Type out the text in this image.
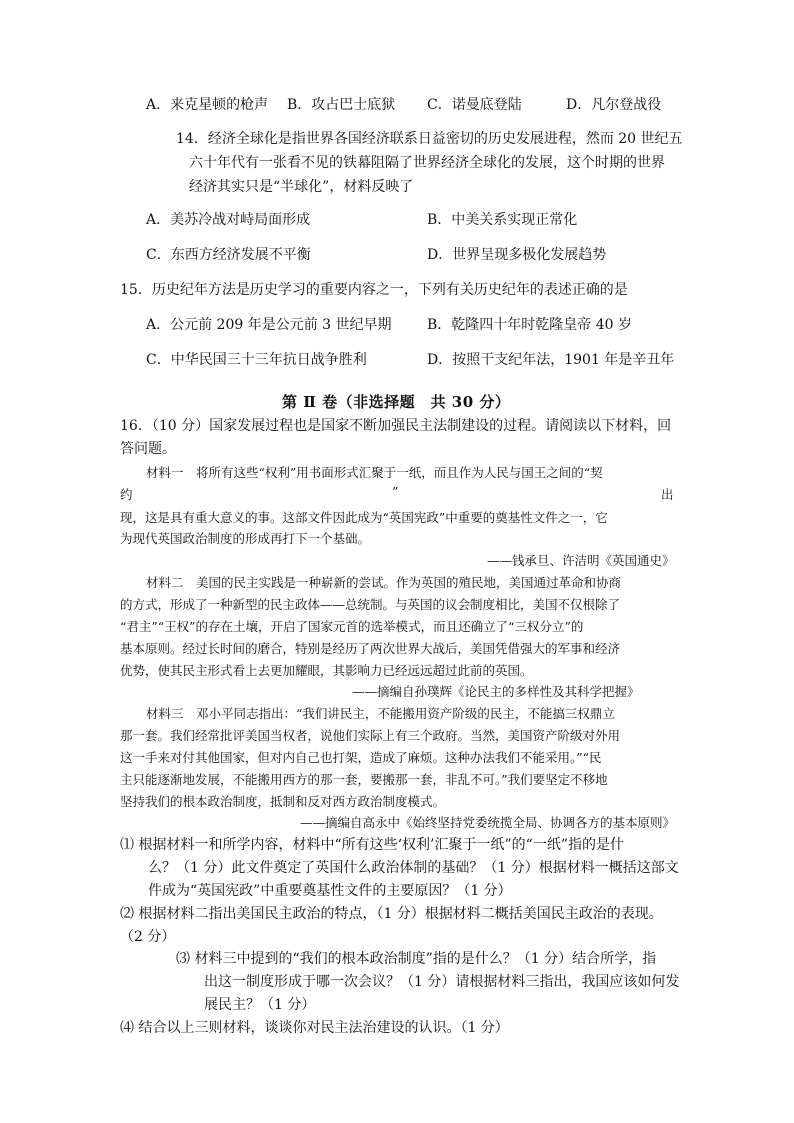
A．来克星顿的枪声 B．攻占巴士底狱 C．诺曼底登陆	D．凡尔登战役
14．经济全球化是指世界各国经济联系日益密切的历史发展进程，然而 20 世纪五
六十年代有一张看不见的铁幕阻隔了世界经济全球化的发展，这个时期的世界
经济其实只是“半球化”，材料反映了
A．美苏冷战对峙局面形成	B．中美关系实现正常化
C．东西方经济发展不平衡	D．世界呈现多极化发展趋势
15．历史纪年方法是历史学习的重要内容之一，下列有关历史纪年的表述正确的是
A．公元前 209 年是公元前 3 世纪早期	B．乾隆四十年时乾隆皇帝 40 岁
C．中华民国三十三年抗日战争胜利	D．按照干支纪年法，1901 年是辛丑年
第 Ⅱ 卷（非选择题　共 30 分）
16．（10 分）国家发展过程也是国家不断加强民主法制建设的过程。请阅读以下材料，回
答问题。
材料一　将所有这些“权利”用书面形式汇聚于一纸，而且作为人民与国王之间的“契
约	”	出
现，这是具有重大意义的事。这部文件因此成为“英国宪政”中重要的奠基性文件之一，它
为现代英国政治制度的形成再打下一个基础。
——钱承旦、许洁明《英国通史》
材料二　美国的民主实践是一种崭新的尝试。作为英国的殖民地，美国通过革命和协商
的方式，形成了一种新型的民主政体——总统制。与英国的议会制度相比，美国不仅根除了
“君主”“王权”的存在土壤，开启了国家元首的选举模式，而且还确立了“三权分立”的
基本原则。经过长时间的磨合，特别是经历了两次世界大战后，美国凭借强大的军事和经济
优势，使其民主形式看上去更加耀眼，其影响力已经远远超过此前的英国。
——摘编自孙璞辉《论民主的多样性及其科学把握》
材料三　邓小平同志指出：“我们讲民主，不能搬用资产阶级的民主，不能搞三权鼎立
那一套。我们经常批评美国当权者，说他们实际上有三个政府。当然，美国资产阶级对外用
这一手来对付其他国家，但对内自己也打架，造成了麻烦。这种办法我们不能采用。”“民
主只能逐渐地发展，不能搬用西方的那一套，要搬那一套，非乱不可。”我们要坚定不移地
坚持我们的根本政治制度，抵制和反对西方政治制度模式。
——摘编自高永中《始终坚持党委统揽全局、协调各方的基本原则》
⑴ 根据材料一和所学内容，材料中“所有这些‘权利’汇聚于一纸”的“一纸”指的是什
么？（1 分）此文件奠定了英国什么政治体制的基础？（1 分）根据材料一概括这部文
件成为“英国宪政”中重要奠基性文件的主要原因？（1 分）
⑵ 根据材料二指出美国民主政治的特点，（1 分）根据材料二概括美国民主政治的表现。
（2 分）
⑶ 材料三中提到的“我们的根本政治制度”指的是什么？（1 分）结合所学，指
出这一制度形成于哪一次会议？（1 分）请根据材料三指出，我国应该如何发
展民主？（1 分）
⑷ 结合以上三则材料，谈谈你对民主法治建设的认识。（1 分）
